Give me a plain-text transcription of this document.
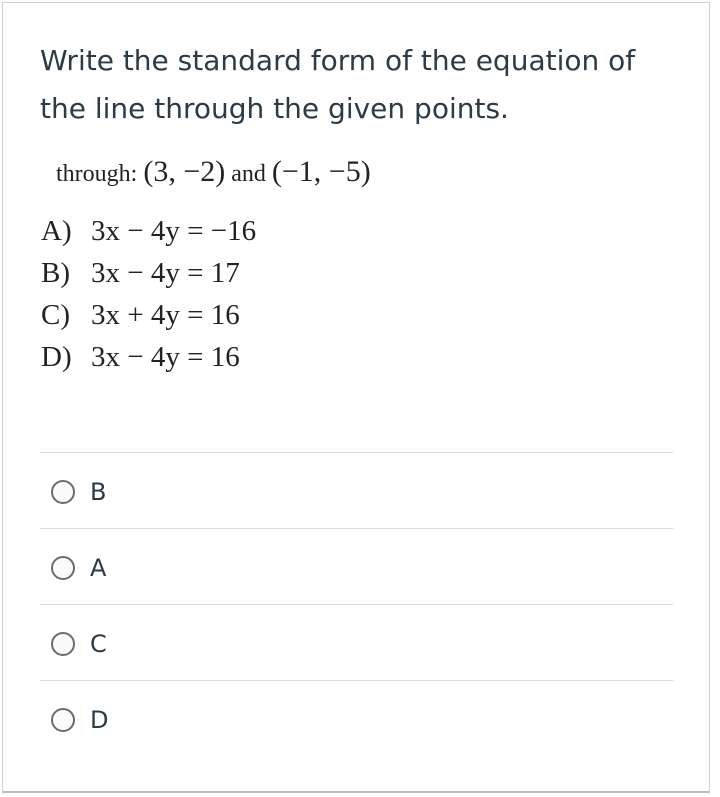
Write the standard form of the equation of the line through the given points.
through: (3, −2) and (−1, −5)
A) 3x − 4y = −16
B) 3x − 4y = 17
C) 3x + 4y = 16
D) 3x − 4y = 16
B
A
C
D
